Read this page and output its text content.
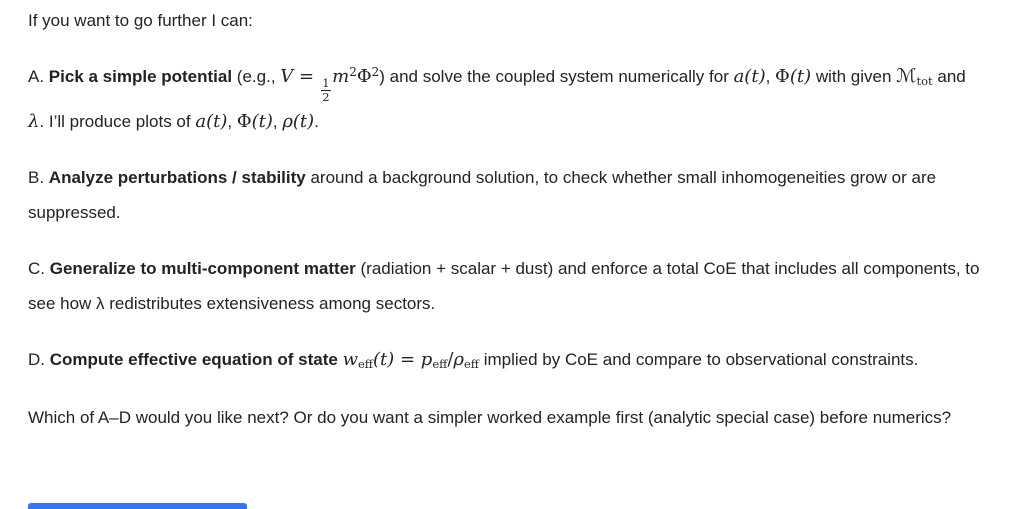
If you want to go further I can:

A. Pick a simple potential (e.g., V =
$\frac{1}{2}$
$m^2\Phi^2$) and solve the coupled system numerically for a(t), Φ(t) with given ℳtot and λ. I’ll produce plots of a(t), Φ(t), ρ(t).

B. Analyze perturbations / stability around a background solution, to check whether small inhomogeneities grow or are suppressed.

C. Generalize to multi-component matter (radiation + scalar + dust) and enforce a total CoE that includes all components, to see how λ redistributes extensiveness among sectors.

D. Compute effective equation of state weff(t) = peff/ρeff implied by CoE and compare to observational constraints.

Which of A–D would you like next? Or do you want a simpler worked example first (analytic special case) before numerics?
